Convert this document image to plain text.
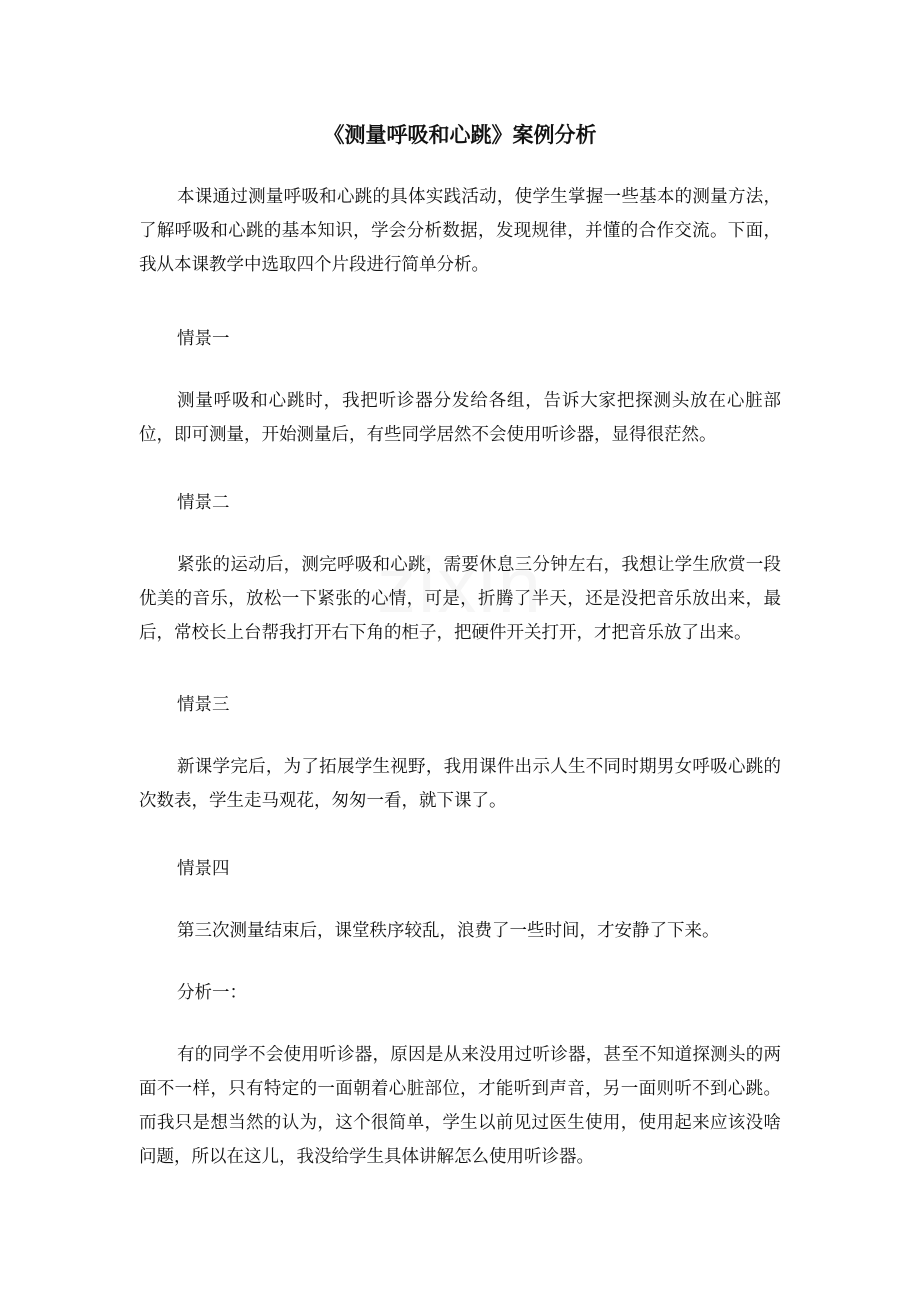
《测量呼吸和心跳》案例分析

本课通过测量呼吸和心跳的具体实践活动，使学生掌握一些基本的测量方法，了解呼吸和心跳的基本知识，学会分析数据，发现规律，并懂的合作交流。下面，我从本课教学中选取四个片段进行简单分析。

情景一

测量呼吸和心跳时，我把听诊器分发给各组，告诉大家把探测头放在心脏部位，即可测量，开始测量后，有些同学居然不会使用听诊器，显得很茫然。

情景二

紧张的运动后，测完呼吸和心跳，需要休息三分钟左右，我想让学生欣赏一段优美的音乐，放松一下紧张的心情，可是，折腾了半天，还是没把音乐放出来，最后，常校长上台帮我打开右下角的柜子，把硬件开关打开，才把音乐放了出来。

情景三

新课学完后，为了拓展学生视野，我用课件出示人生不同时期男女呼吸心跳的次数表，学生走马观花，匆匆一看，就下课了。

情景四

第三次测量结束后，课堂秩序较乱，浪费了一些时间，才安静了下来。

分析一：

有的同学不会使用听诊器，原因是从来没用过听诊器，甚至不知道探测头的两面不一样，只有特定的一面朝着心脏部位，才能听到声音，另一面则听不到心跳。而我只是想当然的认为，这个很简单，学生以前见过医生使用，使用起来应该没啥问题，所以在这儿，我没给学生具体讲解怎么使用听诊器。
